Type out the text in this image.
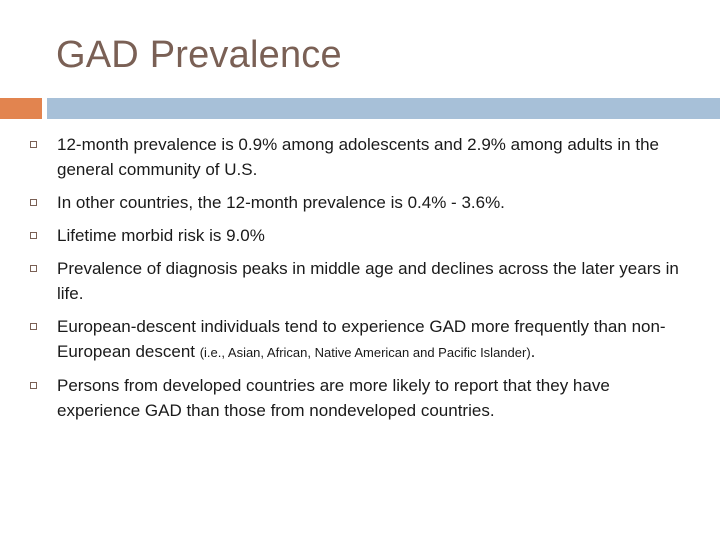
GAD Prevalence
12-month prevalence is 0.9% among adolescents and 2.9% among adults in the general community of U.S.
In other countries, the 12-month prevalence is 0.4% - 3.6%.
Lifetime morbid risk is 9.0%
Prevalence of diagnosis peaks in middle age and declines across the later years in life.
European-descent individuals tend to experience GAD more frequently than non-European descent (i.e., Asian, African, Native American and Pacific Islander).
Persons from developed countries are more likely to report that they have experience GAD than those from nondeveloped countries.
